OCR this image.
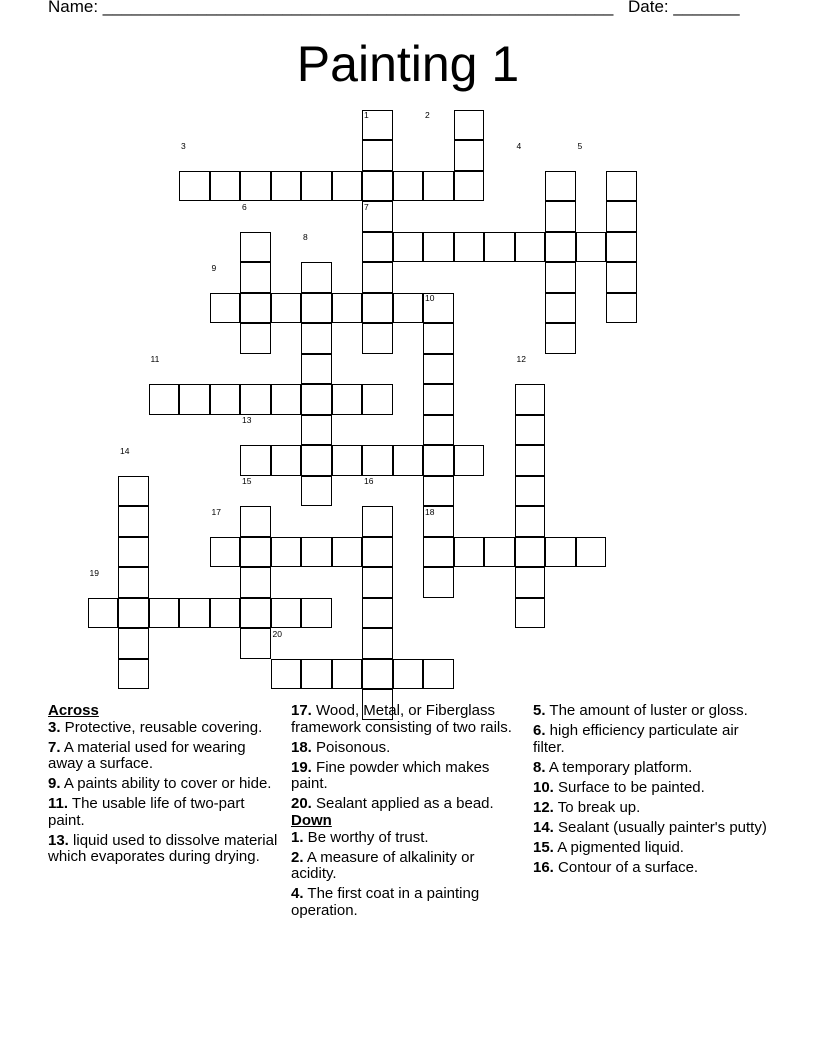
Name: ______________________________________________________ Date: _______
Painting 1
1	2
3	4	5
6	7
8
9
10
11	12
13
14
15	16
17	18
19
20

Across

3. Protective, reusable covering.

7. A material used for wearing away a surface.

9. A paints ability to cover or hide.

11. The usable life of two-part paint.

13. liquid used to dissolve material which evaporates during drying.

17. Wood, Metal, or Fiberglass framework consisting of two rails.

18. Poisonous.

19. Fine powder which makes paint.

20. Sealant applied as a bead.

Down

1. Be worthy of trust.

2. A measure of alkalinity or acidity.

4. The first coat in a painting operation.

5. The amount of luster or gloss.

6. high efficiency particulate air filter.

8. A temporary platform.

10. Surface to be painted.

12. To break up.

14. Sealant (usually painter's putty)

15. A pigmented liquid.

16. Contour of a surface.
